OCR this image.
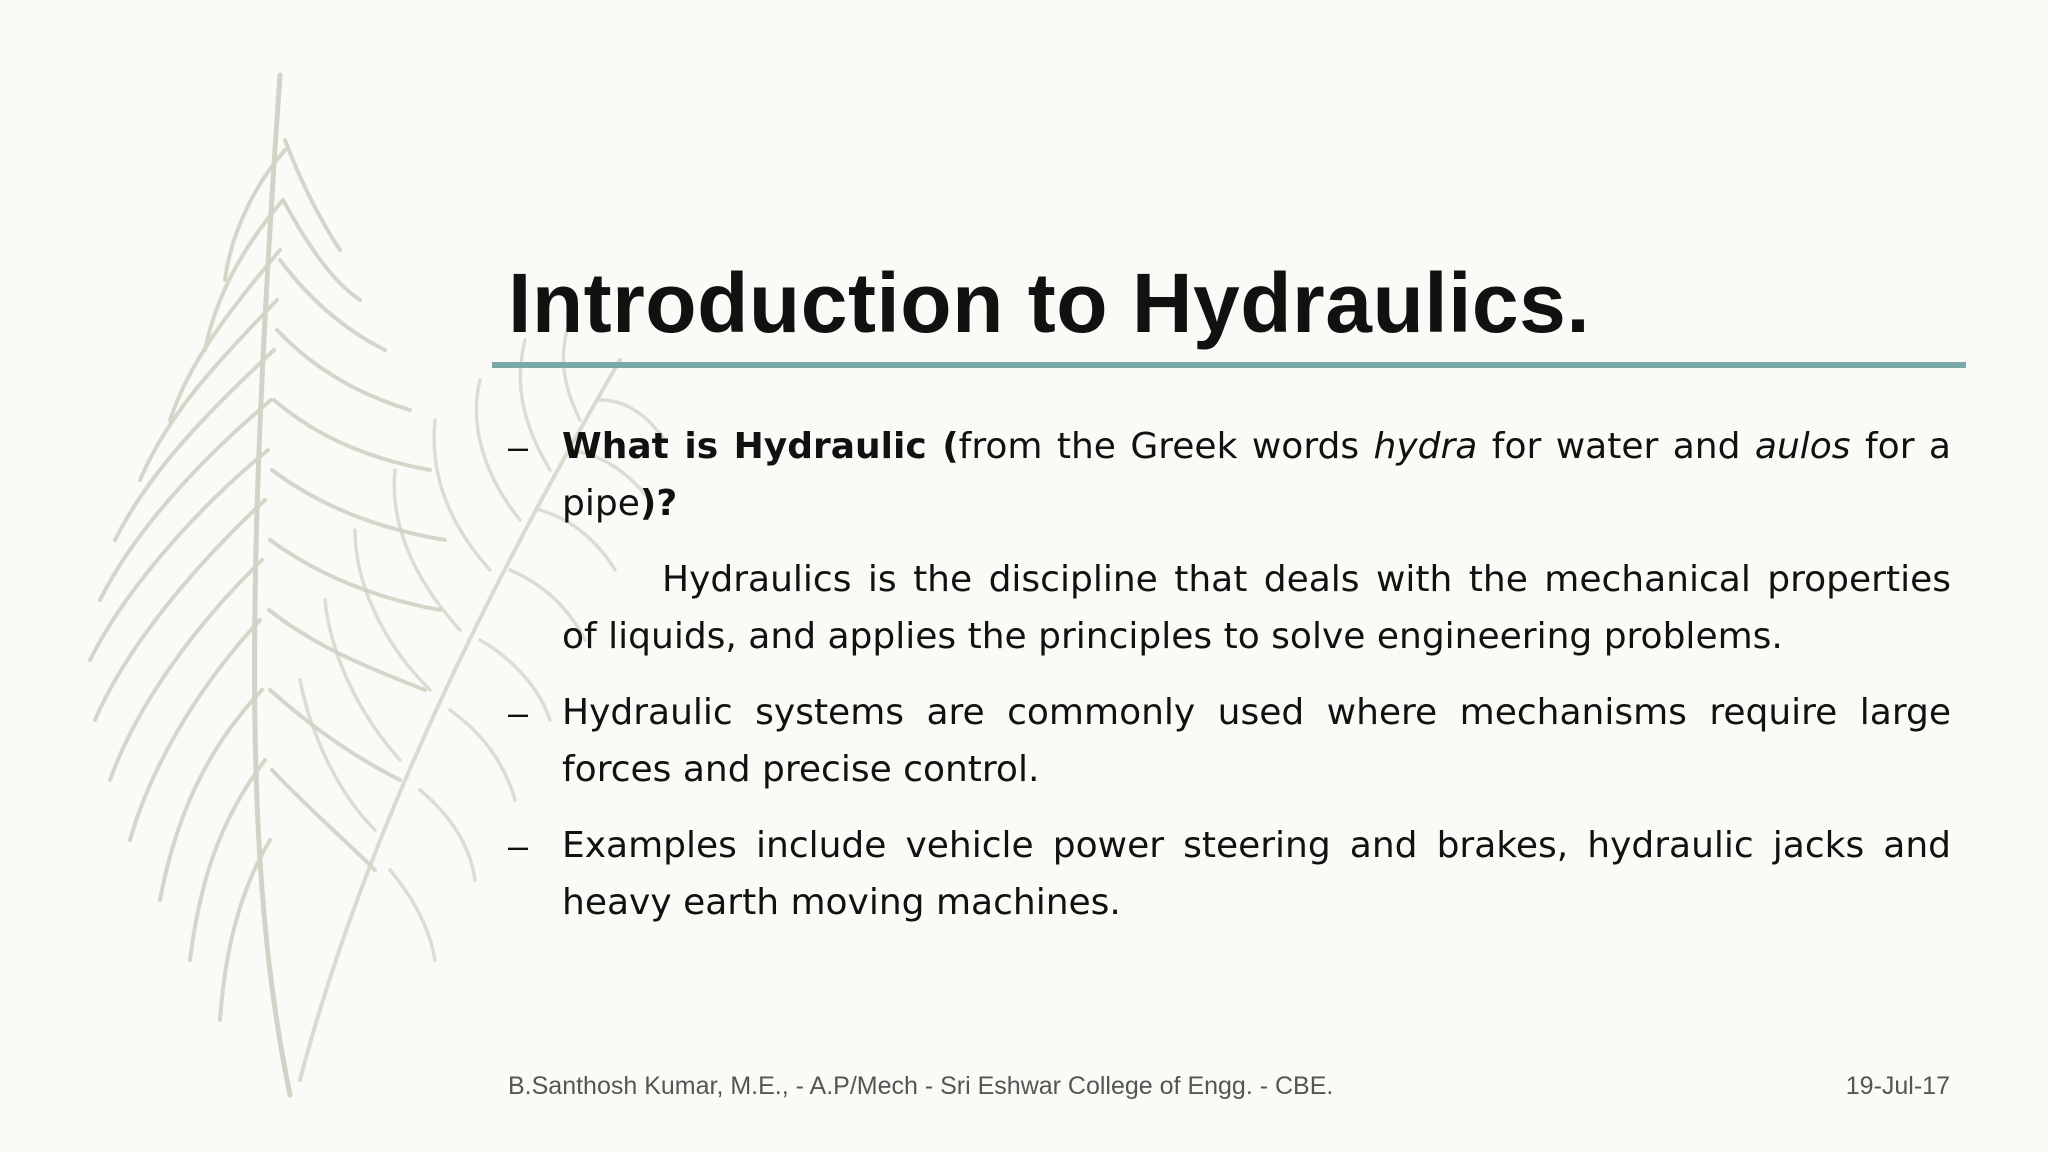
Introduction to Hydraulics.
– What is Hydraulic (from the Greek words hydra for water and aulos for a pipe)?
Hydraulics is the discipline that deals with the mechanical properties of liquids, and applies the principles to solve engineering problems.
– Hydraulic systems are commonly used where mechanisms require large forces and precise control.
– Examples include vehicle power steering and brakes, hydraulic jacks and heavy earth moving machines.
B.Santhosh Kumar, M.E., - A.P/Mech - Sri Eshwar College of Engg. - CBE.	19-Jul-17
